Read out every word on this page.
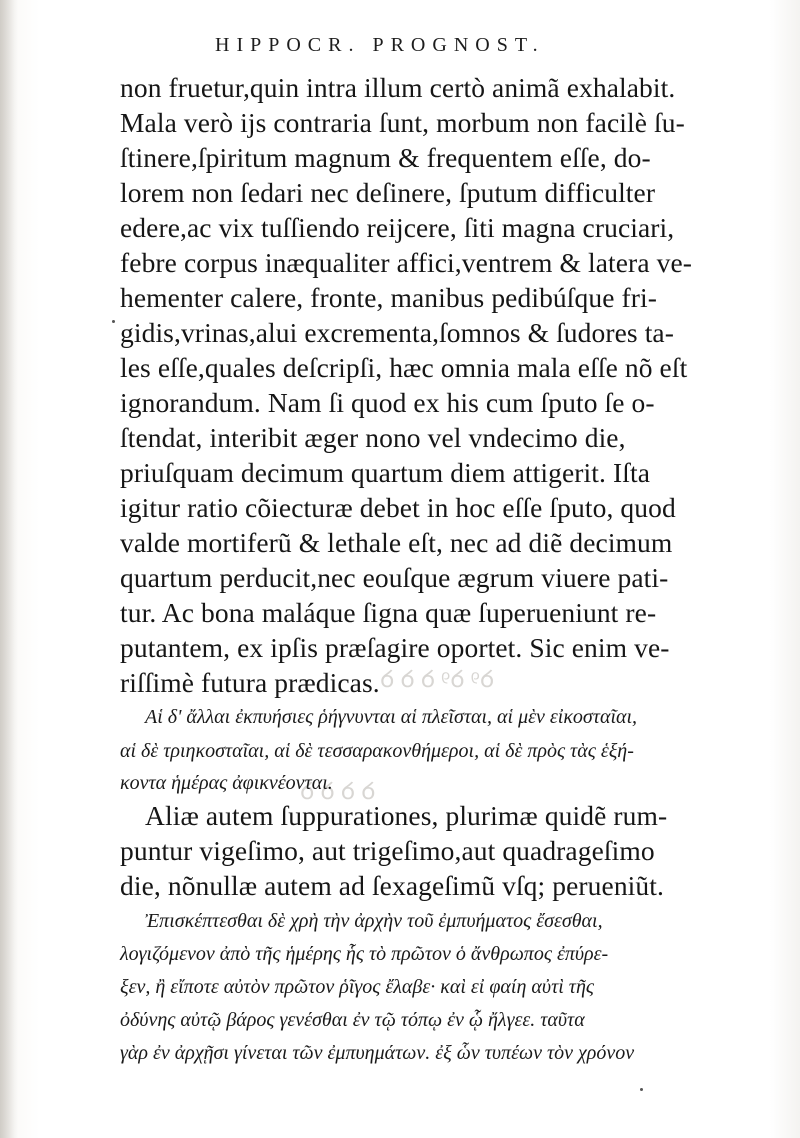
ꝺꝰ ꝺꝰ ꝺ ꝺ ꝺ
ꝺ ꝺ ꝺ ꝺ
HIPPOCR. PROGNOST.
non fruetur,quin intra illum certò animã exhalabit.
Mala verò ijs contraria ſunt, morbum non facilè ſu-
ſtinere,ſpiritum magnum & frequentem eſſe, do-
lorem non ſedari nec deſinere, ſputum difficulter
edere,ac vix tuſſiendo reijcere, ſiti magna cruciari,
febre corpus inæqualiter affici,ventrem & latera ve-
hementer calere, fronte, manibus pedibúſque fri-
gidis,vrinas,alui excrementa,ſomnos & ſudores ta-
les eſſe,quales deſcripſi, hæc omnia mala eſſe nõ eſt
ignorandum. Nam ſi quod ex his cum ſputo ſe o-
ſtendat, interibit æger nono vel vndecimo die,
priuſquam decimum quartum diem attigerit. Iſta
igitur ratio cõiecturæ debet in hoc eſſe ſputo, quod
valde mortiferũ & lethale eſt, nec ad diẽ decimum
quartum perducit,nec eouſque ægrum viuere pati-
tur. Ac bona maláque ſigna quæ ſuperueniunt re-
putantem, ex ipſis præſagire oportet. Sic enim ve-
riſſimè futura prædicas.
Αἱ δ' ἄλλαι ἐκπυήσιες ῥήγνυνται αἱ πλεῖσται, αἱ μὲν εἰκοσταῖαι,
αἱ δὲ τριηκοσταῖαι, αἱ δὲ τεσσαρακονθήμεροι, αἱ δὲ πρὸς τὰς ἑξή-
κοντα ἡμέρας ἀφικνέονται.
Aliæ autem ſuppurationes, plurimæ quidẽ rum-
puntur vigeſimo, aut trigeſimo,aut quadrageſimo
die, nõnullæ autem ad ſexageſimũ vſq; perueniũt.
Ἐπισκέπτεσθαι δὲ χρὴ τὴν ἀρχὴν τοῦ ἐμπυήματος ἔσεσθαι,
λογιζόμενον ἀπὸ τῆς ἡμέρης ἧς τὸ πρῶτον ὁ ἄνθρωπος ἐπύρε-
ξεν, ἢ εἴποτε αὐτὸν πρῶτον ῥῖγος ἔλαβε· καὶ εἰ φαίη αὐτὶ τῆς
ὀδύνης αὐτῷ βάρος γενέσθαι ἐν τῷ τόπῳ ἐν ᾧ ἤλγεε. ταῦτα
γὰρ ἐν ἀρχῇσι γίνεται τῶν ἐμπυημάτων. ἐξ ὧν τυπέων τὸν χρόνον
